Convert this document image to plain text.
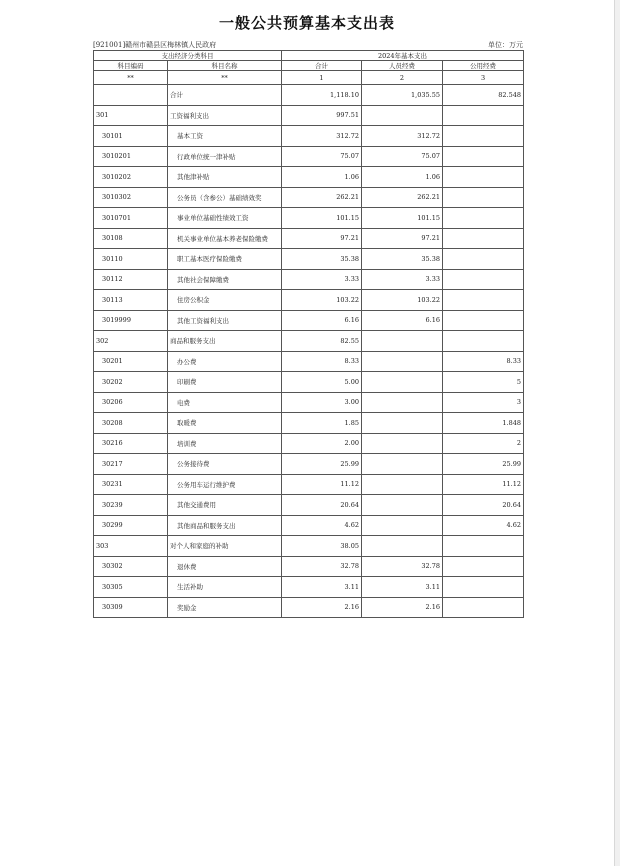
一般公共预算基本支出表
[921001]赣州市赣县区梅林镇人民政府	单位：万元
支出经济分类科目		2024年基本支出		
科目编码	科目名称	合计	人员经费	公用经费
**	**	1	2	3
	合计	1,118.10	1,035.55	82.548
301	工资福利支出	997.51		
30101	基本工资	312.72	312.72	
3010201	行政单位统一津补贴	75.07	75.07	
3010202	其他津补贴	1.06	1.06	
3010302	公务员（含参公）基础绩效奖	262.21	262.21	
3010701	事业单位基础性绩效工资	101.15	101.15	
30108	机关事业单位基本养老保险缴费	97.21	97.21	
30110	职工基本医疗保险缴费	35.38	35.38	
30112	其他社会保障缴费	3.33	3.33	
30113	住房公积金	103.22	103.22	
3019999	其他工资福利支出	6.16	6.16	
302	商品和服务支出	82.55		
30201	办公费	8.33		8.33
30202	印刷费	5.00		5
30206	电费	3.00		3
30208	取暖费	1.85		1.848
30216	培训费	2.00		2
30217	公务接待费	25.99		25.99
30231	公务用车运行维护费	11.12		11.12
30239	其他交通费用	20.64		20.64
30299	其他商品和服务支出	4.62		4.62
303	对个人和家庭的补助	38.05		
30302	退休费	32.78	32.78	
30305	生活补助	3.11	3.11	
30309	奖励金	2.16	2.16	
